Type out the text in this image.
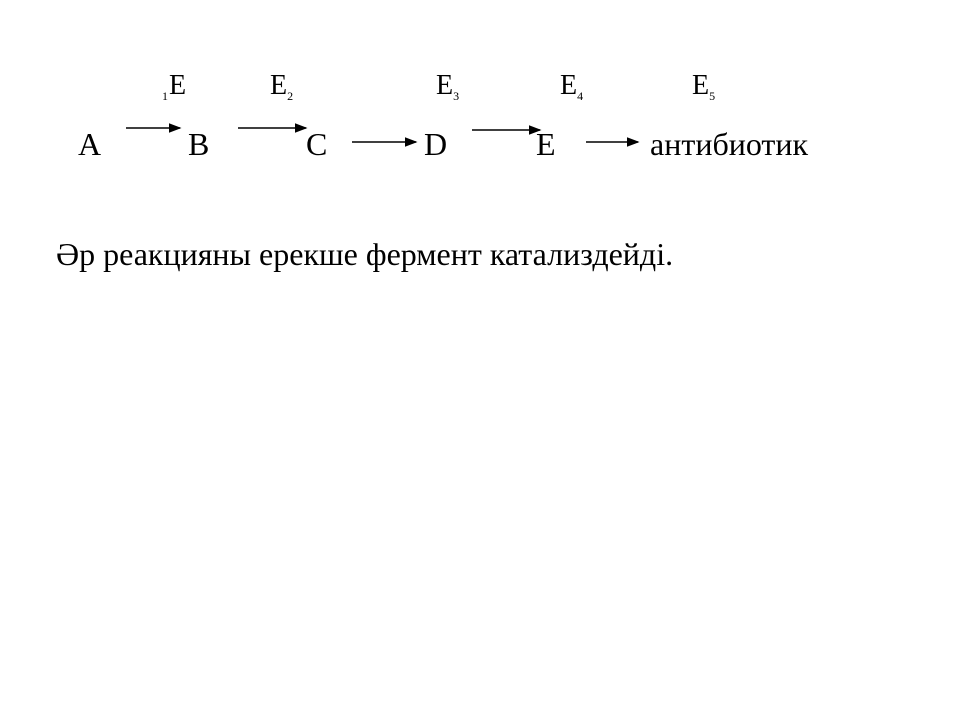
$_1$E	$E_2$	$E_3$	$E_4$	$E_5$
A	B	C	D	E	антибиотик
Әр реакцияны ерекше фермент катализдейді.
